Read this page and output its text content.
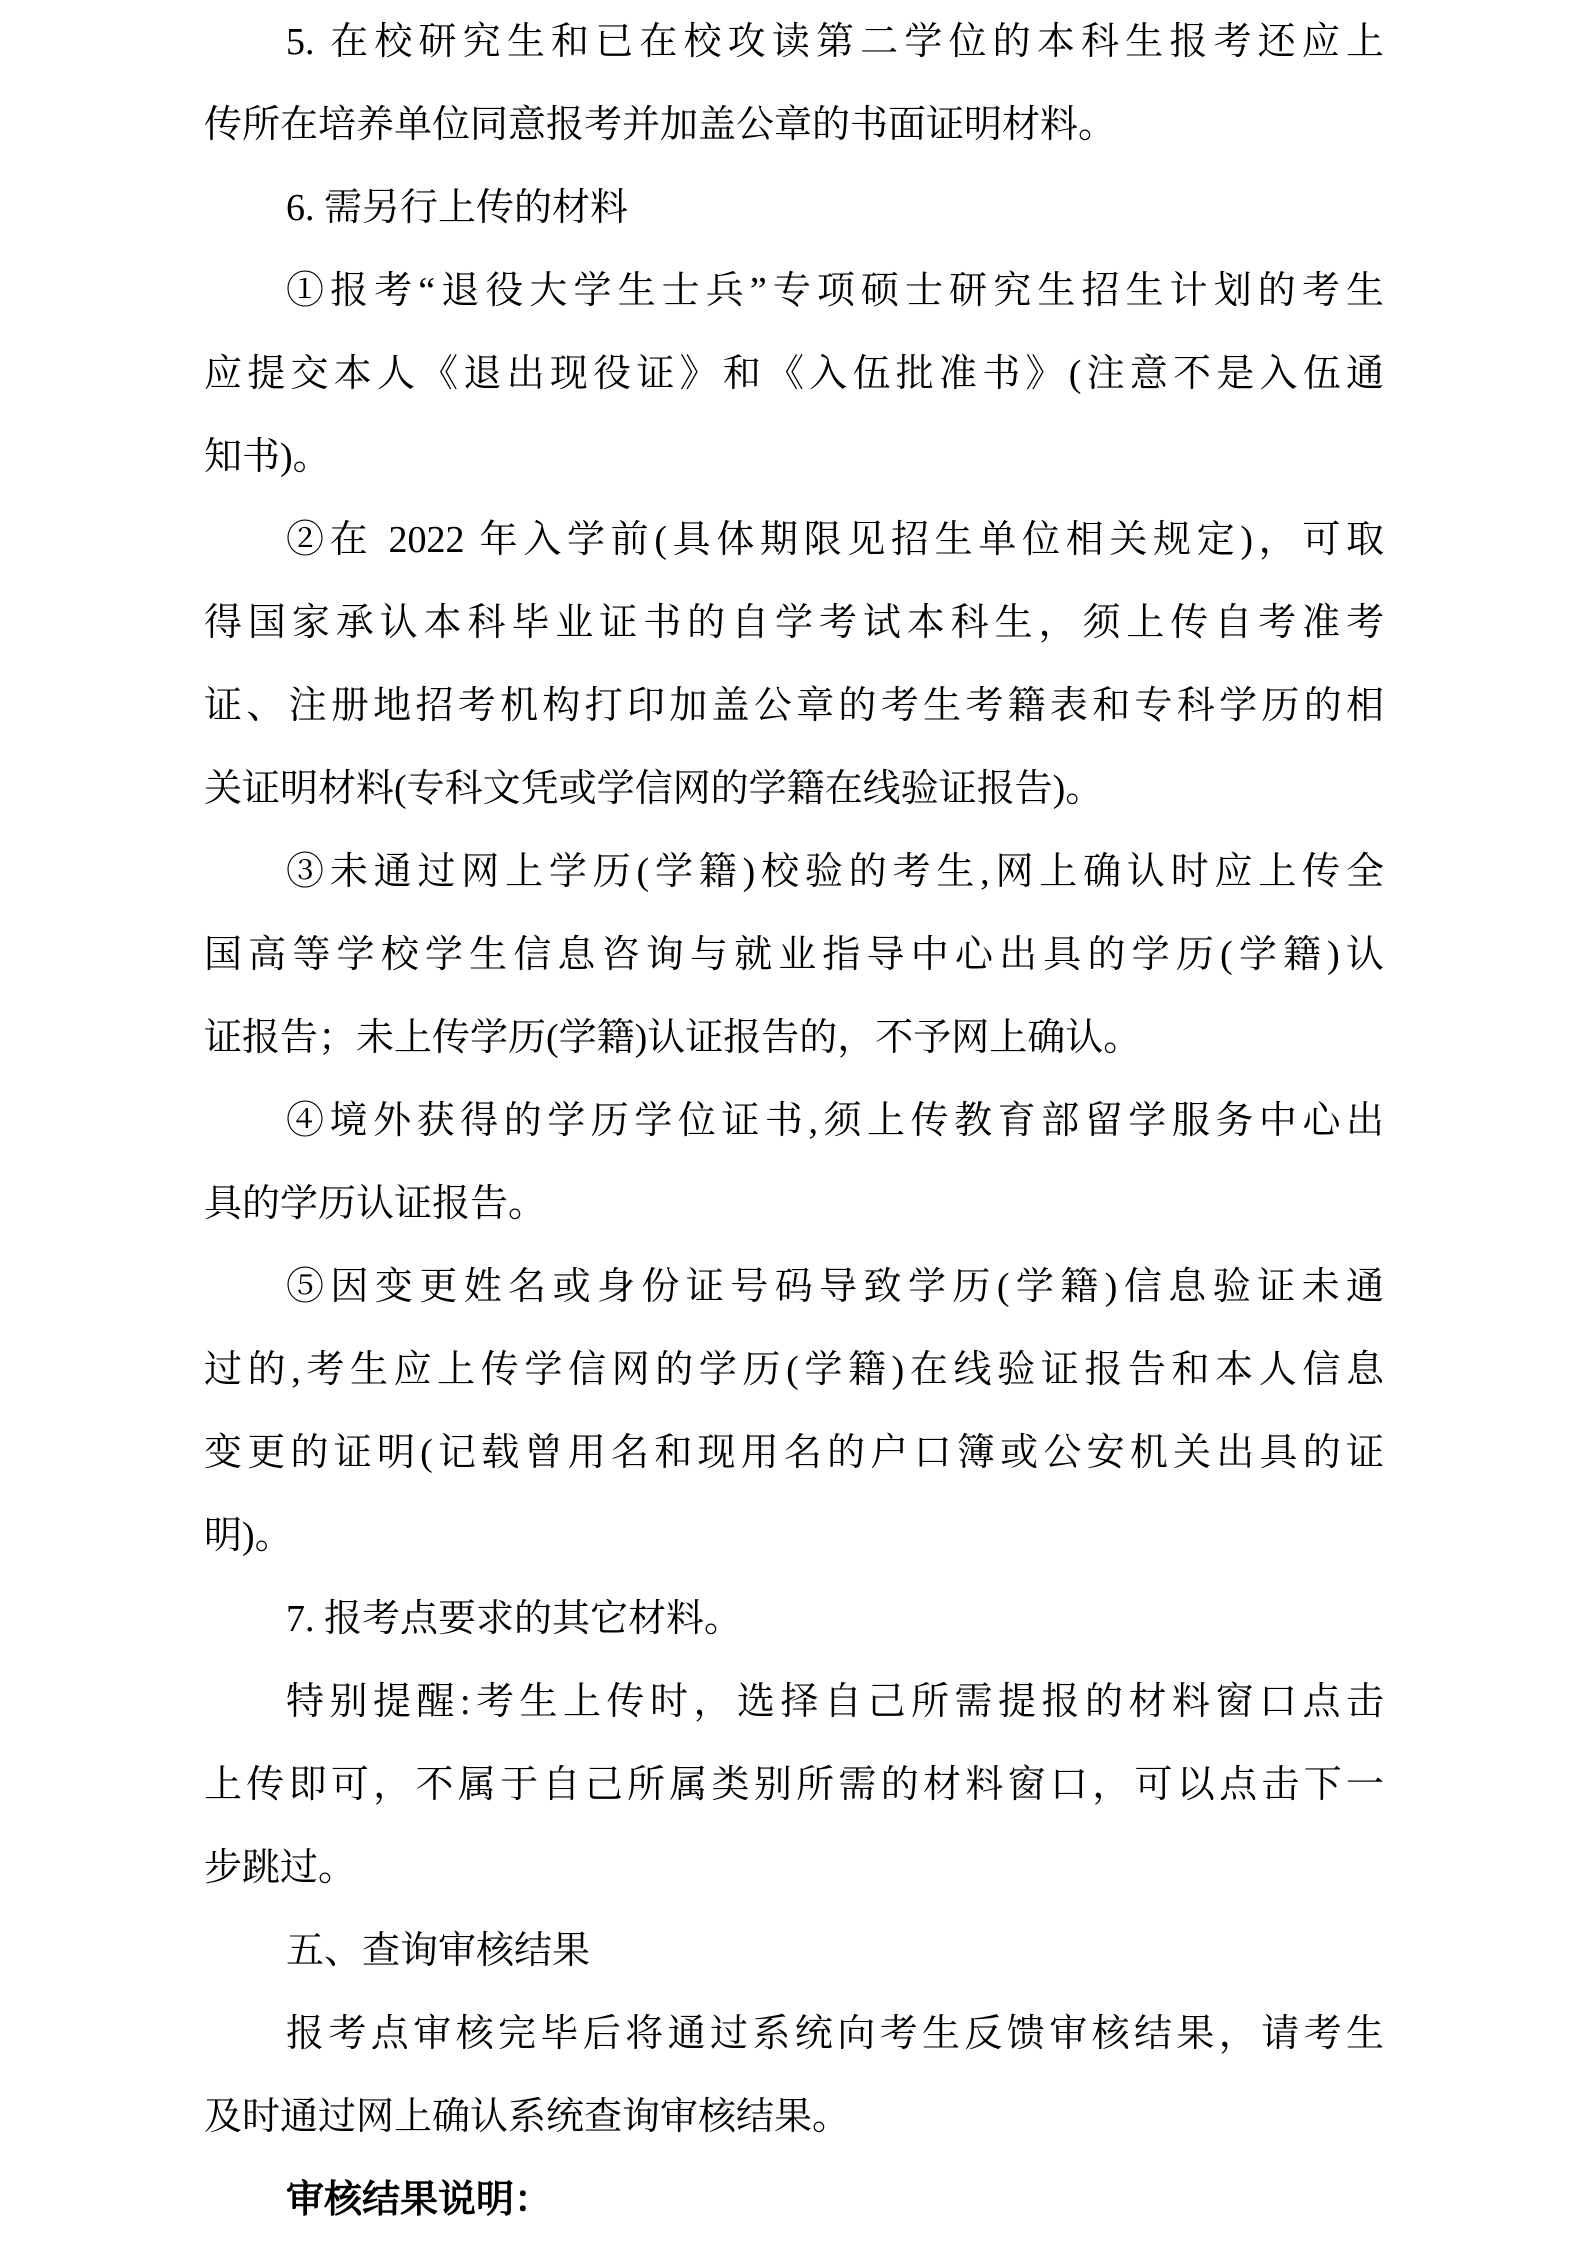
5. 在校研究生和已在校攻读第二学位的本科生报考还应上
传所在培养单位同意报考并加盖公章的书面证明材料。
6. 需另行上传的材料
①报考“退役大学生士兵”专项硕士研究生招生计划的考生
应提交本人《退出现役证》和《入伍批准书》(注意不是入伍通
知书)。
②在 2022 年入学前(具体期限见招生单位相关规定)，可取
得国家承认本科毕业证书的自学考试本科生，须上传自考准考
证、注册地招考机构打印加盖公章的考生考籍表和专科学历的相
关证明材料(专科文凭或学信网的学籍在线验证报告)。
③未通过网上学历(学籍)校验的考生,网上确认时应上传全
国高等学校学生信息咨询与就业指导中心出具的学历(学籍)认
证报告；未上传学历(学籍)认证报告的，不予网上确认。
④境外获得的学历学位证书,须上传教育部留学服务中心出
具的学历认证报告。
⑤因变更姓名或身份证号码导致学历(学籍)信息验证未通
过的,考生应上传学信网的学历(学籍)在线验证报告和本人信息
变更的证明(记载曾用名和现用名的户口簿或公安机关出具的证
明)。
7. 报考点要求的其它材料。
特别提醒:考生上传时，选择自己所需提报的材料窗口点击
上传即可，不属于自己所属类别所需的材料窗口，可以点击下一
步跳过。
五、查询审核结果
报考点审核完毕后将通过系统向考生反馈审核结果，请考生
及时通过网上确认系统查询审核结果。
审核结果说明：
